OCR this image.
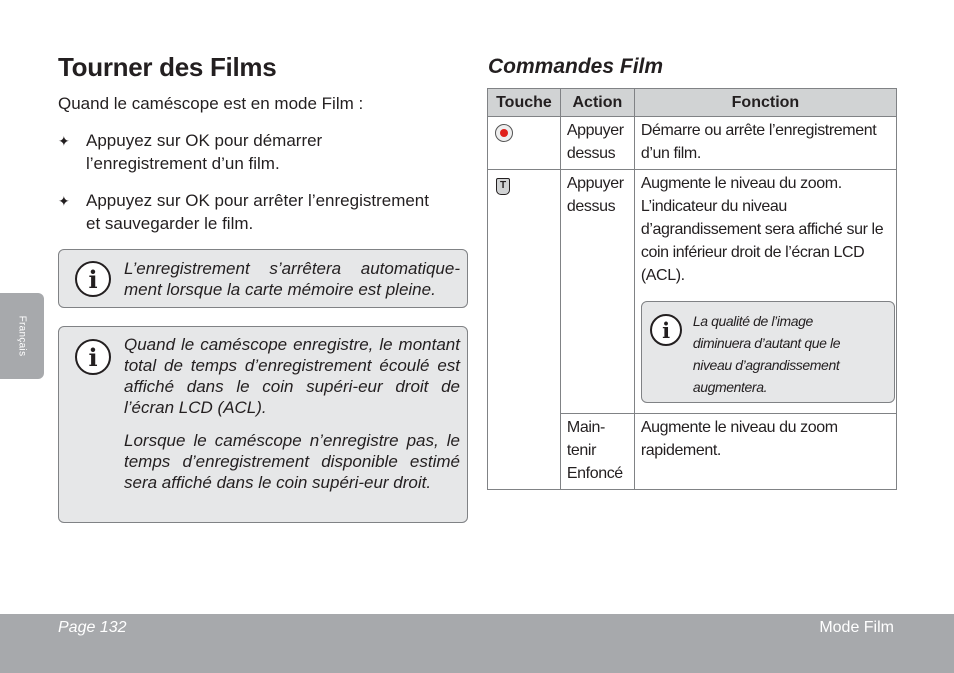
Français
Tourner des Films

Quand le caméscope est en mode Film :

✦ Appuyez sur OK pour démarrer l’enregistrement d’un film.
✦ Appuyez sur OK pour arrêter l’enregistrement et sauvegarder le film.
i	L’enregistrement s’arrêtera automatique-ment lorsque la carte mémoire est pleine.

i	Quand le caméscope enregistre, le montant total de temps d’enregistrement écoulé est affiché dans le coin supéri-eur droit de l’écran LCD (ACL).

Lorsque le caméscope n’enregistre pas, le temps d’enregistrement disponible estimé sera affiché dans le coin supéri-eur droit.

Commandes Film
Touche	Action	Fonction
	Appuyer dessus	Démarre ou arrête l’enregistrement d’un film.
T	Appuyer dessus	Augmente le niveau du zoom. L’indicateur du niveau d’agrandissement sera affiché sur le coin inférieur droit de l’écran LCD (ACL).
i La qualité de l’image diminuera d’autant que le niveau d’agrandissement augmentera.

	Main-tenir Enfoncé	Augmente le niveau du zoom rapidement.
Page 132	Mode Film
